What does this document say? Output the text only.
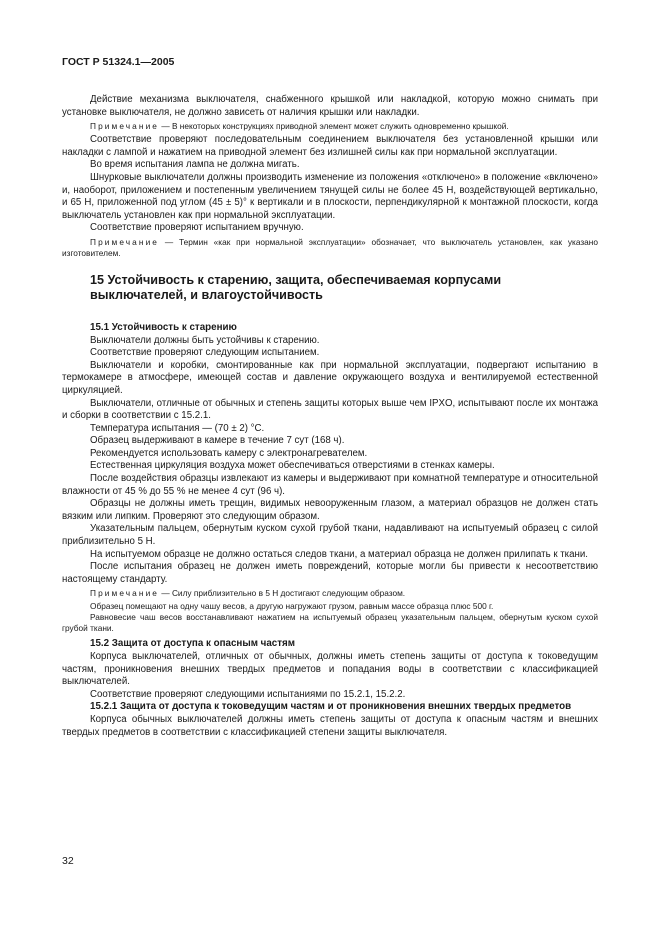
ГОСТ Р 51324.1—2005

Действие механизма выключателя, снабженного крышкой или накладкой, которую можно снимать при установке выключателя, не должно зависеть от наличия крышки или накладки.

Примечание — В некоторых конструкциях приводной элемент может служить одновременно крышкой.

Соответствие проверяют последовательным соединением выключателя без установленной крышки или накладки с лампой и нажатием на приводной элемент без излишней силы как при нормальной эксплуатации.

Во время испытания лампа не должна мигать.

Шнурковые выключатели должны производить изменение из положения «отключено» в положение «включено» и, наоборот, приложением и постепенным увеличением тянущей силы не более 45 Н, воздействующей вертикально, и 65 Н, приложенной под углом (45 ± 5)° к вертикали и в плоскости, перпендикулярной к монтажной плоскости, когда выключатель установлен как при нормальной эксплуатации.

Соответствие проверяют испытанием вручную.

Примечание — Термин «как при нормальной эксплуатации» обозначает, что выключатель установлен, как указано изготовителем.

15 Устойчивость к старению, защита, обеспечиваемая корпусами выключателей, и влагоустойчивость
15.1 Устойчивость к старению

Выключатели должны быть устойчивы к старению.

Соответствие проверяют следующим испытанием.

Выключатели и коробки, смонтированные как при нормальной эксплуатации, подвергают испытанию в термокамере в атмосфере, имеющей состав и давление окружающего воздуха и вентилируемой естественной циркуляцией.

Выключатели, отличные от обычных и степень защиты которых выше чем IPXO, испытывают после их монтажа и сборки в соответствии с 15.2.1.

Температура испытания — (70 ± 2) °С.

Образец выдерживают в камере в течение 7 сут (168 ч).

Рекомендуется использовать камеру с электронагревателем.

Естественная циркуляция воздуха может обеспечиваться отверстиями в стенках камеры.

После воздействия образцы извлекают из камеры и выдерживают при комнатной температуре и относительной влажности от 45 % до 55 % не менее 4 сут (96 ч).

Образцы не должны иметь трещин, видимых невооруженным глазом, а материал образцов не должен стать вязким или липким. Проверяют это следующим образом.

Указательным пальцем, обернутым куском сухой грубой ткани, надавливают на испытуемый образец с силой приблизительно 5 Н.

На испытуемом образце не должно остаться следов ткани, а материал образца не должен прилипать к ткани.

После испытания образец не должен иметь повреждений, которые могли бы привести к несоответствию настоящему стандарту.

Примечание — Силу приблизительно в 5 Н достигают следующим образом.

Образец помещают на одну чашу весов, а другую нагружают грузом, равным массе образца плюс 500 г.

Равновесие чаш весов восстанавливают нажатием на испытуемый образец указательным пальцем, обернутым куском сухой грубой ткани.

15.2 Защита от доступа к опасным частям

Корпуса выключателей, отличных от обычных, должны иметь степень защиты от доступа к токоведущим частям, проникновения внешних твердых предметов и попадания воды в соответствии с классификацией выключателей.

Соответствие проверяют следующими испытаниями по 15.2.1, 15.2.2.

15.2.1 Защита от доступа к токоведущим частям и от проникновения внешних твердых предметов

Корпуса обычных выключателей должны иметь степень защиты от доступа к опасным частям и внешних твердых предметов в соответствии с классификацией степени защиты выключателя.

32
